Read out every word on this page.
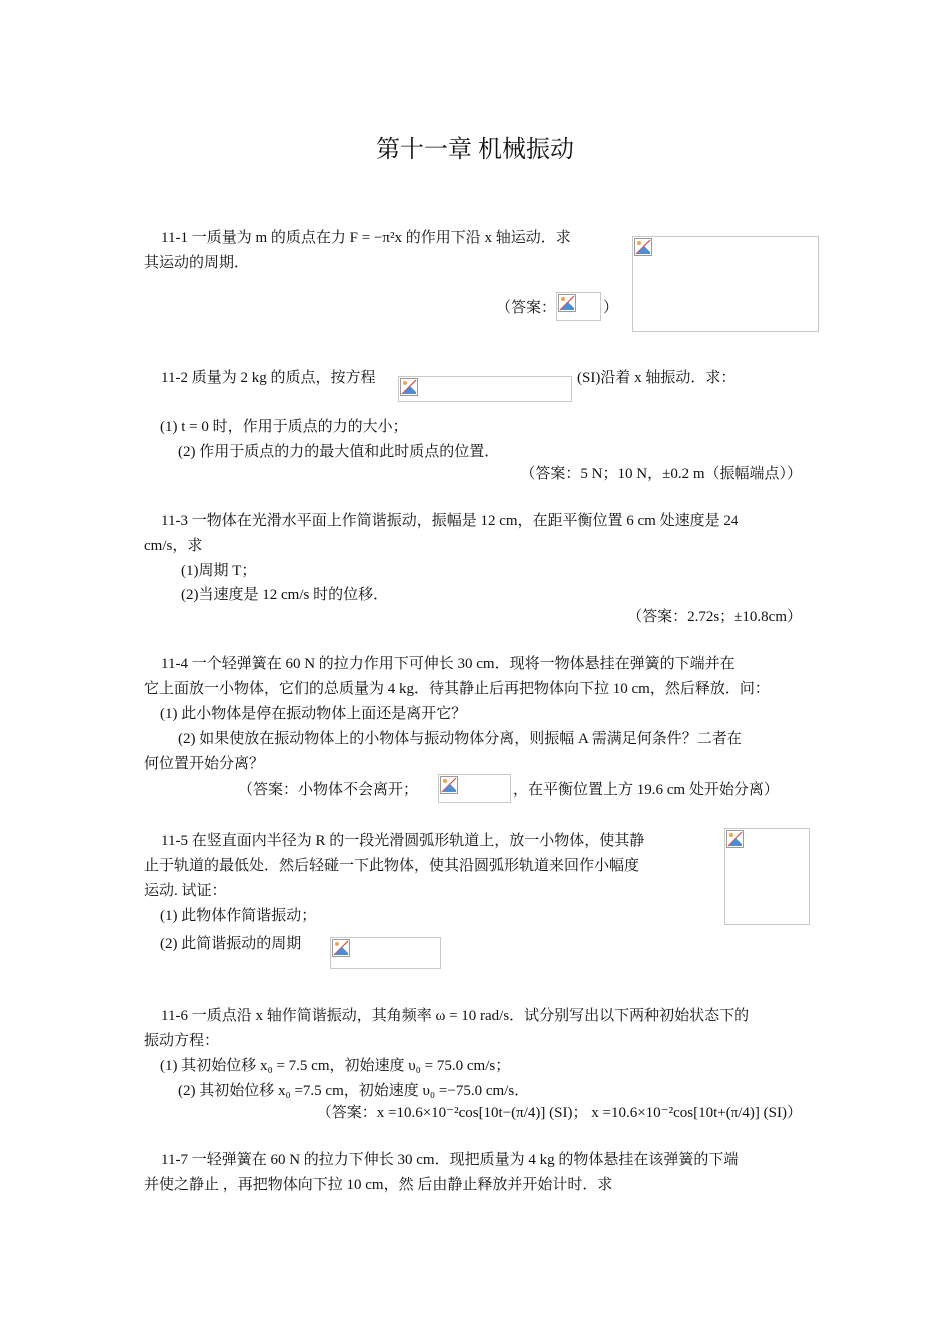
第十一章 机械振动
11-1 一质量为 m 的质点在力 F = −π²x 的作用下沿 x 轴运动．求
其运动的周期．
（答案：	）
11-2 质量为 2 kg 的质点，按方程	(SI)沿着 x 轴振动．求：
(1) t = 0 时，作用于质点的力的大小；
(2) 作用于质点的力的最大值和此时质点的位置．
（答案：5 N；10 N，±0.2 m（振幅端点））
11-3 一物体在光滑水平面上作简谐振动，振幅是 12 cm，在距平衡位置 6 cm 处速度是 24
cm/s，求
(1)周期 T；
(2)当速度是 12 cm/s 时的位移．
（答案：2.72s；±10.8cm）
11-4 一个轻弹簧在 60 N 的拉力作用下可伸长 30 cm．现将一物体悬挂在弹簧的下端并在
它上面放一小物体，它们的总质量为 4 kg．待其静止后再把物体向下拉 10 cm，然后释放．问：
(1) 此小物体是停在振动物体上面还是离开它？
(2) 如果使放在振动物体上的小物体与振动物体分离，则振幅 A 需满足何条件？二者在
何位置开始分离？
（答案：小物体不会离开；	，在平衡位置上方 19.6 cm 处开始分离）
11-5 在竖直面内半径为 R 的一段光滑圆弧形轨道上，放一小物体，使其静
止于轨道的最低处．然后轻碰一下此物体，使其沿圆弧形轨道来回作小幅度
运动. 试证：
(1) 此物体作简谐振动；
(2) 此简谐振动的周期
11-6 一质点沿 x 轴作简谐振动，其角频率 ω = 10 rad/s．试分别写出以下两种初始状态下的
振动方程：
(1) 其初始位移 x₀ = 7.5 cm，初始速度 υ₀ = 75.0 cm/s；
(2) 其初始位移 x₀ =7.5 cm，初始速度 υ₀ =−75.0 cm/s．
（答案：x =10.6×10⁻²cos[10t−(π/4)] (SI)； x =10.6×10⁻²cos[10t+(π/4)] (SI)）
11-7 一轻弹簧在 60 N 的拉力下伸长 30 cm．现把质量为 4 kg 的物体悬挂在该弹簧的下端
并使之静止 ，再把物体向下拉 10 cm，然 后由静止释放并开始计时．求
